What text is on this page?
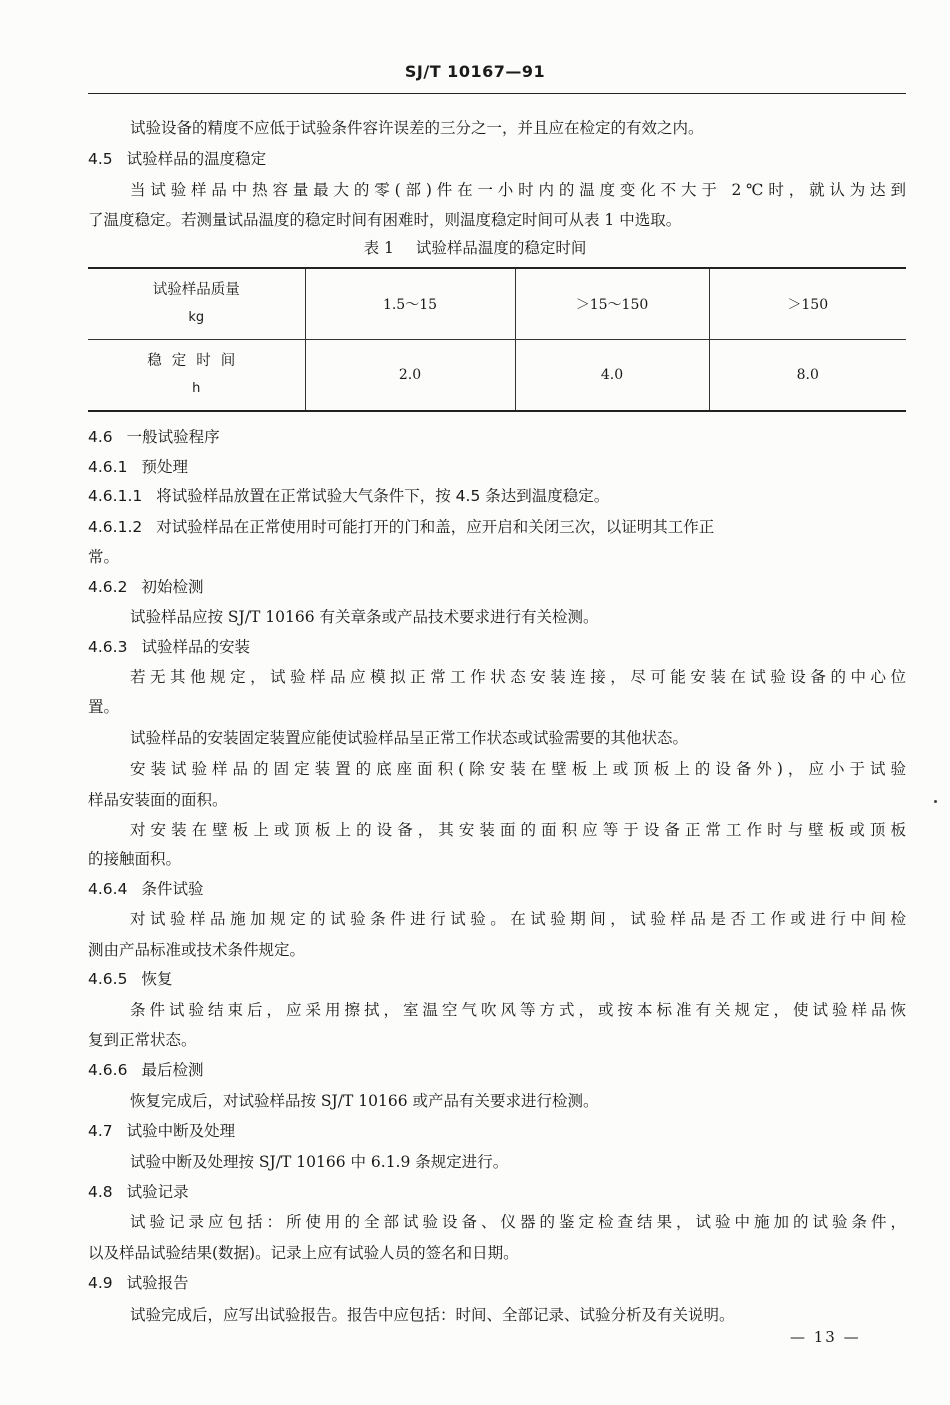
SJ/T 10167—91
试验设备的精度不应低于试验条件容许误差的三分之一，并且应在检定的有效之内。
4.5 试验样品的温度稳定
当试验样品中热容量最大的零(部)件在一小时内的温度变化不大于 2℃时，就认为达到
了温度稳定。若测量试品温度的稳定时间有困难时，则温度稳定时间可从表 1 中选取。
表 1 试验样品温度的稳定时间
试验样品质量
kg	1.5～15	＞15～150	＞150

稳定时间
h	2.0	4.0	8.0
4.6 一般试验程序
4.6.1 预处理
4.6.1.1 将试验样品放置在正常试验大气条件下，按 4.5 条达到温度稳定。
4.6.1.2 对试验样品在正常使用时可能打开的门和盖，应开启和关闭三次，以证明其工作正
常。
4.6.2 初始检测
试验样品应按 SJ/T 10166 有关章条或产品技术要求进行有关检测。
4.6.3 试验样品的安装
若无其他规定，试验样品应模拟正常工作状态安装连接，尽可能安装在试验设备的中心位
置。
试验样品的安装固定装置应能使试验样品呈正常工作状态或试验需要的其他状态。
安装试验样品的固定装置的底座面积(除安装在壁板上或顶板上的设备外)，应小于试验
样品安装面的面积。
对安装在壁板上或顶板上的设备，其安装面的面积应等于设备正常工作时与壁板或顶板
的接触面积。
4.6.4 条件试验
对试验样品施加规定的试验条件进行试验。在试验期间，试验样品是否工作或进行中间检
测由产品标准或技术条件规定。
4.6.5 恢复
条件试验结束后，应采用擦拭，室温空气吹风等方式，或按本标准有关规定，使试验样品恢
复到正常状态。
4.6.6 最后检测
恢复完成后，对试验样品按 SJ/T 10166 或产品有关要求进行检测。
4.7 试验中断及处理
试验中断及处理按 SJ/T 10166 中 6.1.9 条规定进行。
4.8 试验记录
试验记录应包括：所使用的全部试验设备、仪器的鉴定检查结果，试验中施加的试验条件，
以及样品试验结果(数据)。记录上应有试验人员的签名和日期。
4.9 试验报告
试验完成后，应写出试验报告。报告中应包括：时间、全部记录、试验分析及有关说明。
— 13 —
